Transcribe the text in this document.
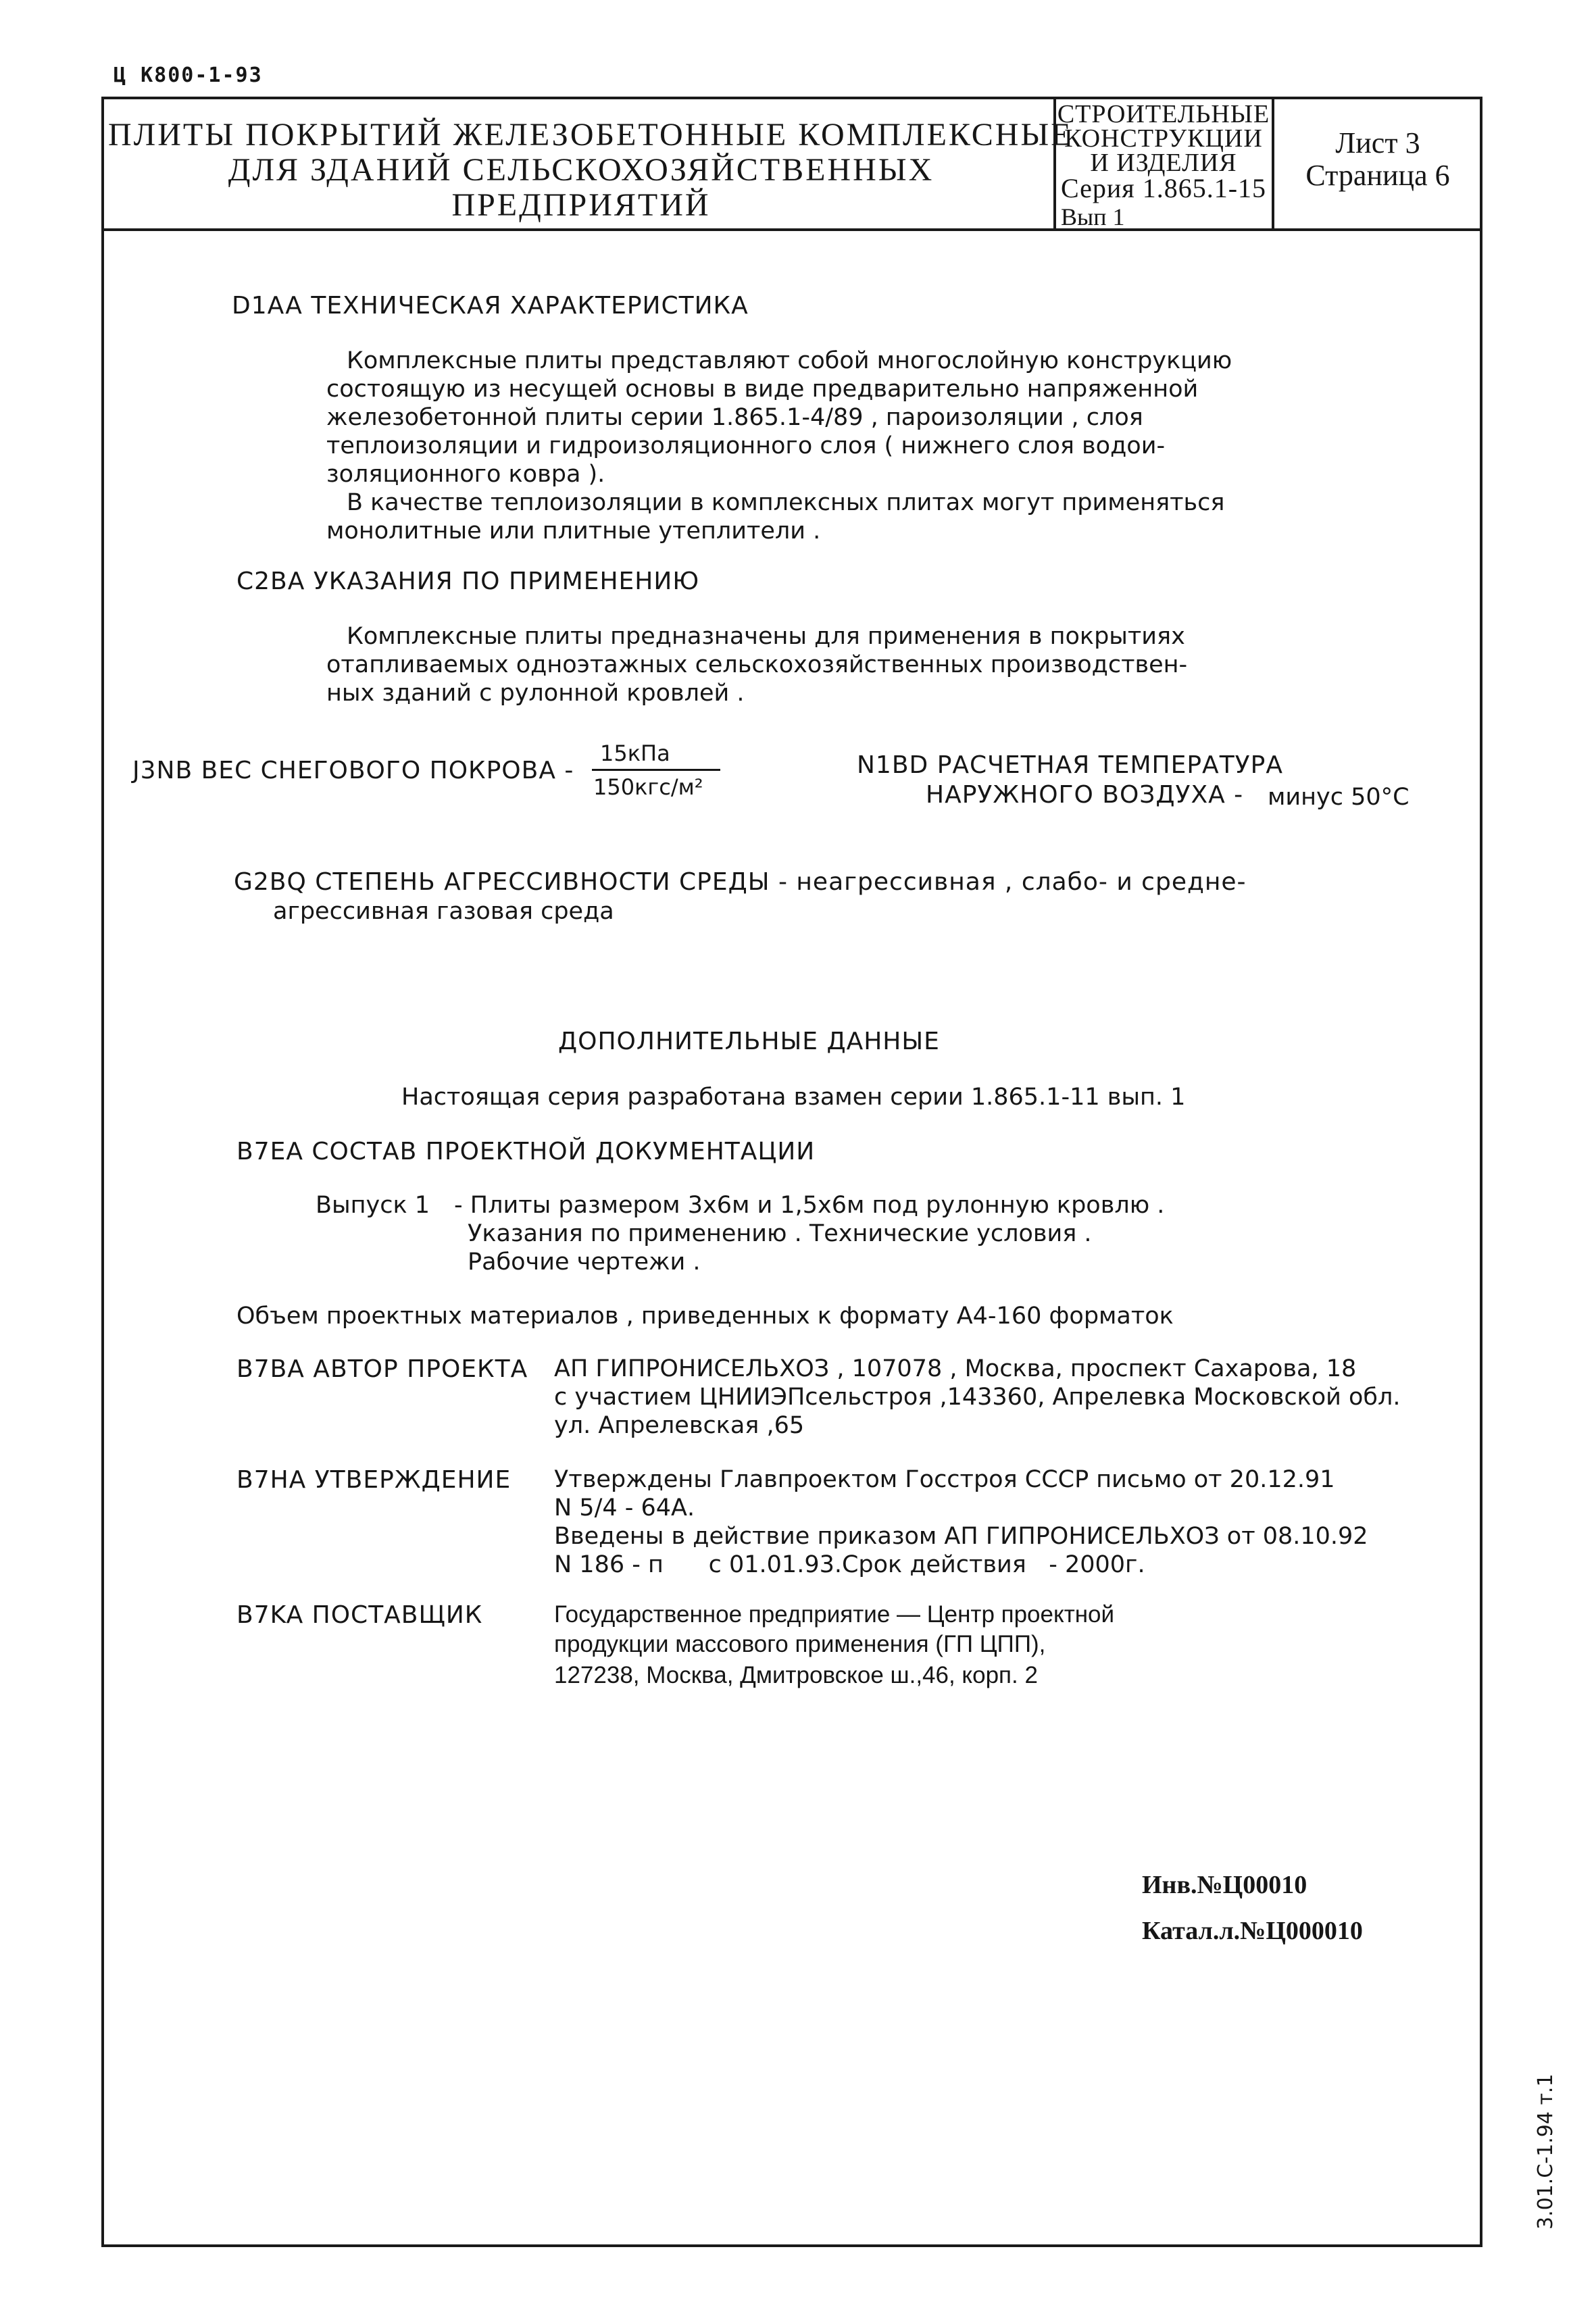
Ц К800-1-93
ПЛИТЫ ПОКРЫТИЙ ЖЕЛЕЗОБЕТОННЫЕ КОМПЛЕКСНЫЕ
ДЛЯ ЗДАНИЙ СЕЛЬСКОХОЗЯЙСТВЕННЫХ
ПРЕДПРИЯТИЙ
СТРОИТЕЛЬНЫЕ
КОНСТРУКЦИИ
И ИЗДЕЛИЯ
Серия 1.865.1-15
Вып 1
Лист 3
Страница 6
D1AA ТЕХНИЧЕСКАЯ ХАРАКТЕРИСТИКА
Комплексные плиты представляют собой многослойную конструкцию
состоящую из несущей основы в виде предварительно напряженной
железобетонной плиты серии 1.865.1-4/89 , пароизоляции , слоя
теплоизоляции и гидроизоляционного слоя ( нижнего слоя водои-
золяционного ковра ).
В качестве теплоизоляции в комплексных плитах могут применяться
монолитные или плитные утеплители .
C2BA УКАЗАНИЯ ПО ПРИМЕНЕНИЮ
Комплексные плиты предназначены для применения в покрытиях
отапливаемых одноэтажных сельскохозяйственных производствен-
ных зданий с рулонной кровлей .
J3NB ВЕС СНЕГОВОГО ПОКРОВА -
15кПа
150кгс/м²
N1BD РАСЧЕТНАЯ ТЕМПЕРАТУРА
НАРУЖНОГО ВОЗДУХА - минус 50°С
G2BQ СТЕПЕНЬ АГРЕССИВНОСТИ СРЕДЫ - неагрессивная , слабо- и средне-
агрессивная газовая среда
ДОПОЛНИТЕЛЬНЫЕ ДАННЫЕ
Настоящая серия разработана взамен серии 1.865.1-11 вып. 1
B7EA СОСТАВ ПРОЕКТНОЙ ДОКУМЕНТАЦИИ
Выпуск 1 - Плиты размером 3х6м и 1,5х6м под рулонную кровлю .
Указания по применению . Технические условия .
Рабочие чертежи .
Объем проектных материалов , приведенных к формату А4-160 форматок
B7BA АВТОР ПРОЕКТА АП ГИПРОНИСЕЛЬХОЗ , 107078 , Москва, проспект Сахарова, 18
с участием ЦНИИЭПсельстроя ,143360, Апрелевка Московской обл.
ул. Апрелевская ,65
B7HA УТВЕРЖДЕНИЕ Утверждены Главпроектом Госстроя СССР письмо от 20.12.91
N 5/4 - 64А.
Введены в действие приказом АП ГИПРОНИСЕЛЬХОЗ от 08.10.92
N 186 - п      с 01.01.93.Срок действия   - 2000г.
B7KA ПОСТАВЩИК	Государственное предприятие — Центр проектной
продукции массового применения (ГП ЦПП),
127238, Москва, Дмитровское ш.,46, корп. 2
Инв.№Ц00010
Катал.л.№Ц000010
3.01.С-1.94 т.1
